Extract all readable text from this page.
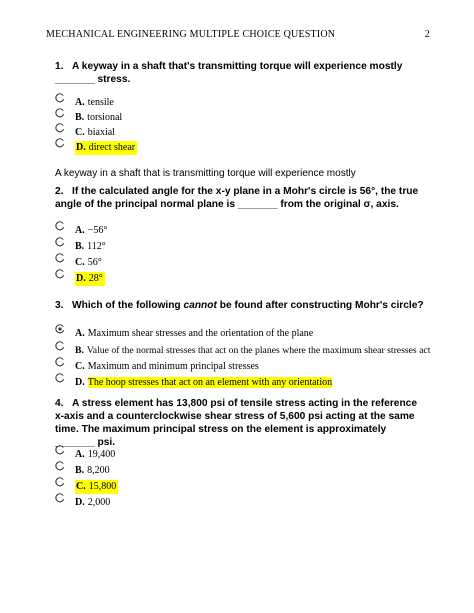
MECHANICAL ENGINEERING MULTIPLE CHOICE QUESTION	2
1. A keyway in a shaft that's transmitting torque will experience mostly _______ stress.
A. tensile
B. torsional
C. biaxial
D. direct shear
A keyway in a shaft that is transmitting torque will experience mostly
2. If the calculated angle for the x-y plane in a Mohr's circle is 56°, the true angle of the principal normal plane is _______ from the original σ, axis.
A. −56°
B. 112°
C. 56°
D. 28°
3. Which of the following cannot be found after constructing Mohr's circle?
A. Maximum shear stresses and the orientation of the plane
B. Value of the normal stresses that act on the planes where the maximum shear stresses act
C. Maximum and minimum principal stresses
D. The hoop stresses that act on an element with any orientation
4. A stress element has 13,800 psi of tensile stress acting in the reference x-axis and a counterclockwise shear stress of 5,600 psi acting at the same time. The maximum principal stress on the element is approximately _______ psi.
A. 19,400
B. 8,200
C. 15,800
D. 2,000
